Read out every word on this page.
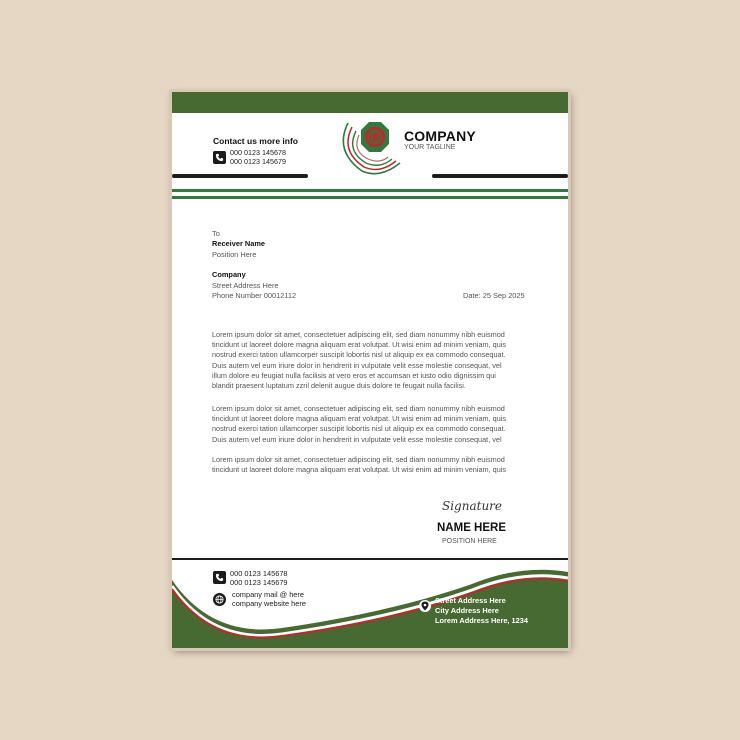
Contact us more info
000 0123 145678
000 0123 145679
COMPANY
YOUR TAGLINE
To
Receiver Name
Position Here
Company
Street Address Here
Phone Number 00012112	Date: 25 Sep 2025
Lorem ipsum dolor sit amet, consectetuer adipiscing elit, sed diam nonummy nibh euismod
tincidunt ut laoreet dolore magna aliquam erat volutpat. Ut wisi enim ad minim veniam, quis
nostrud exerci tation ullamcorper suscipit lobortis nisl ut aliquip ex ea commodo consequat.
Duis autem vel eum iriure dolor in hendrerit in vulputate velit esse molestie consequat, vel
illum dolore eu feugiat nulla facilisis at vero eros et accumsan et iusto odio dignissim qui
blandit praesent luptatum zzril delenit augue duis dolore te feugait nulla facilisi.
Lorem ipsum dolor sit amet, consectetuer adipiscing elit, sed diam nonummy nibh euismod
tincidunt ut laoreet dolore magna aliquam erat volutpat. Ut wisi enim ad minim veniam, quis
nostrud exerci tation ullamcorper suscipit lobortis nisl ut aliquip ex ea commodo consequat.
Duis autem vel eum iriure dolor in hendrerit in vulputate velit esse molestie consequat, vel
Lorem ipsum dolor sit amet, consectetuer adipiscing elit, sed diam nonummy nibh euismod
tincidunt ut laoreet dolore magna aliquam erat volutpat. Ut wisi enim ad minim veniam, quis
Signature
NAME HERE
POSITION HERE
000 0123 145678
000 0123 145679
company mail @ here
company website here	Street Address Here
City Address Here
Lorem Address Here, 1234
